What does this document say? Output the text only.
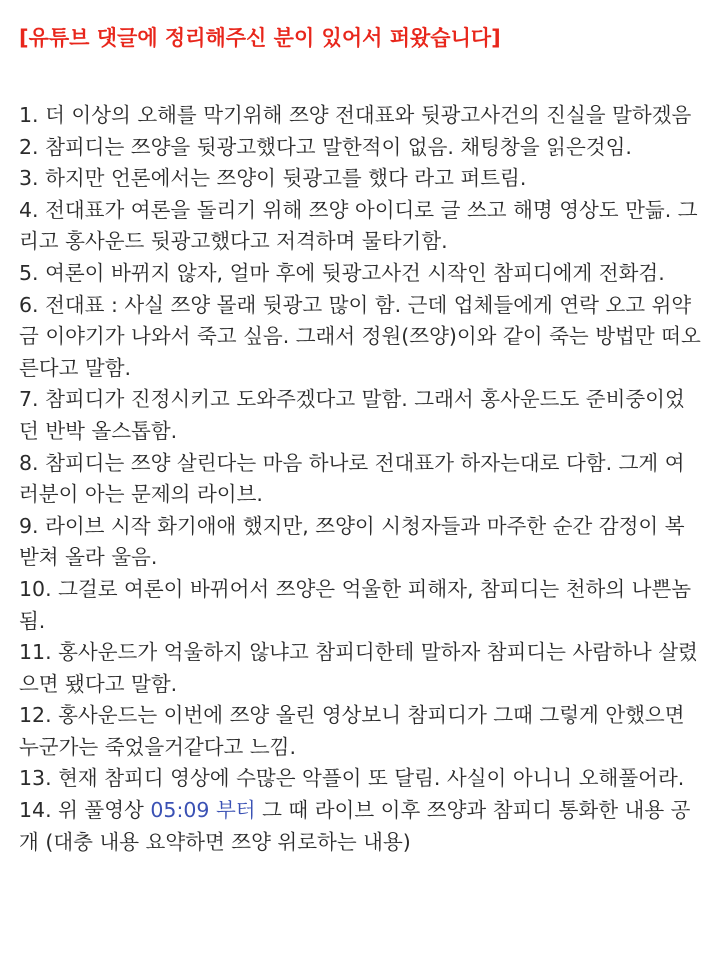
[유튜브 댓글에 정리해주신 분이 있어서 퍼왔습니다]

1. 더 이상의 오해를 막기위해 쯔양 전대표와 뒷광고사건의 진실을 말하겠음
2. 참피디는 쯔양을 뒷광고했다고 말한적이 없음. 채팅창을 읽은것임.
3. 하지만 언론에서는 쯔양이 뒷광고를 했다 라고 퍼트림.
4. 전대표가 여론을 돌리기 위해 쯔양 아이디로 글 쓰고 해명 영상도 만듦. 그리고 홍사운드 뒷광고했다고 저격하며 물타기함.
5. 여론이 바뀌지 않자, 얼마 후에 뒷광고사건 시작인 참피디에게 전화검.
6. 전대표 : 사실 쯔양 몰래 뒷광고 많이 함. 근데 업체들에게 연락 오고 위약금 이야기가 나와서 죽고 싶음. 그래서 정원(쯔양)이와 같이 죽는 방법만 떠오른다고 말함.
7. 참피디가 진정시키고 도와주겠다고 말함. 그래서 홍사운드도 준비중이었던 반박 올스톱함.
8. 참피디는 쯔양 살린다는 마음 하나로 전대표가 하자는대로 다함. 그게 여러분이 아는 문제의 라이브.
9. 라이브 시작 화기애애 했지만, 쯔양이 시청자들과 마주한 순간 감정이 복받쳐 올라 울음.
10. 그걸로 여론이 바뀌어서 쯔양은 억울한 피해자, 참피디는 천하의 나쁜놈됨.
11. 홍사운드가 억울하지 않냐고 참피디한테 말하자 참피디는 사람하나 살렸으면 됐다고 말함.
12. 홍사운드는 이번에 쯔양 올린 영상보니 참피디가 그때 그렇게 안했으면 누군가는 죽었을거같다고 느낌.
13. 현재 참피디 영상에 수많은 악플이 또 달림. 사실이 아니니 오해풀어라.
14. 위 풀영상 05:09 부터 그 때 라이브 이후 쯔양과 참피디 통화한 내용 공개 (대충 내용 요약하면 쯔양 위로하는 내용)
